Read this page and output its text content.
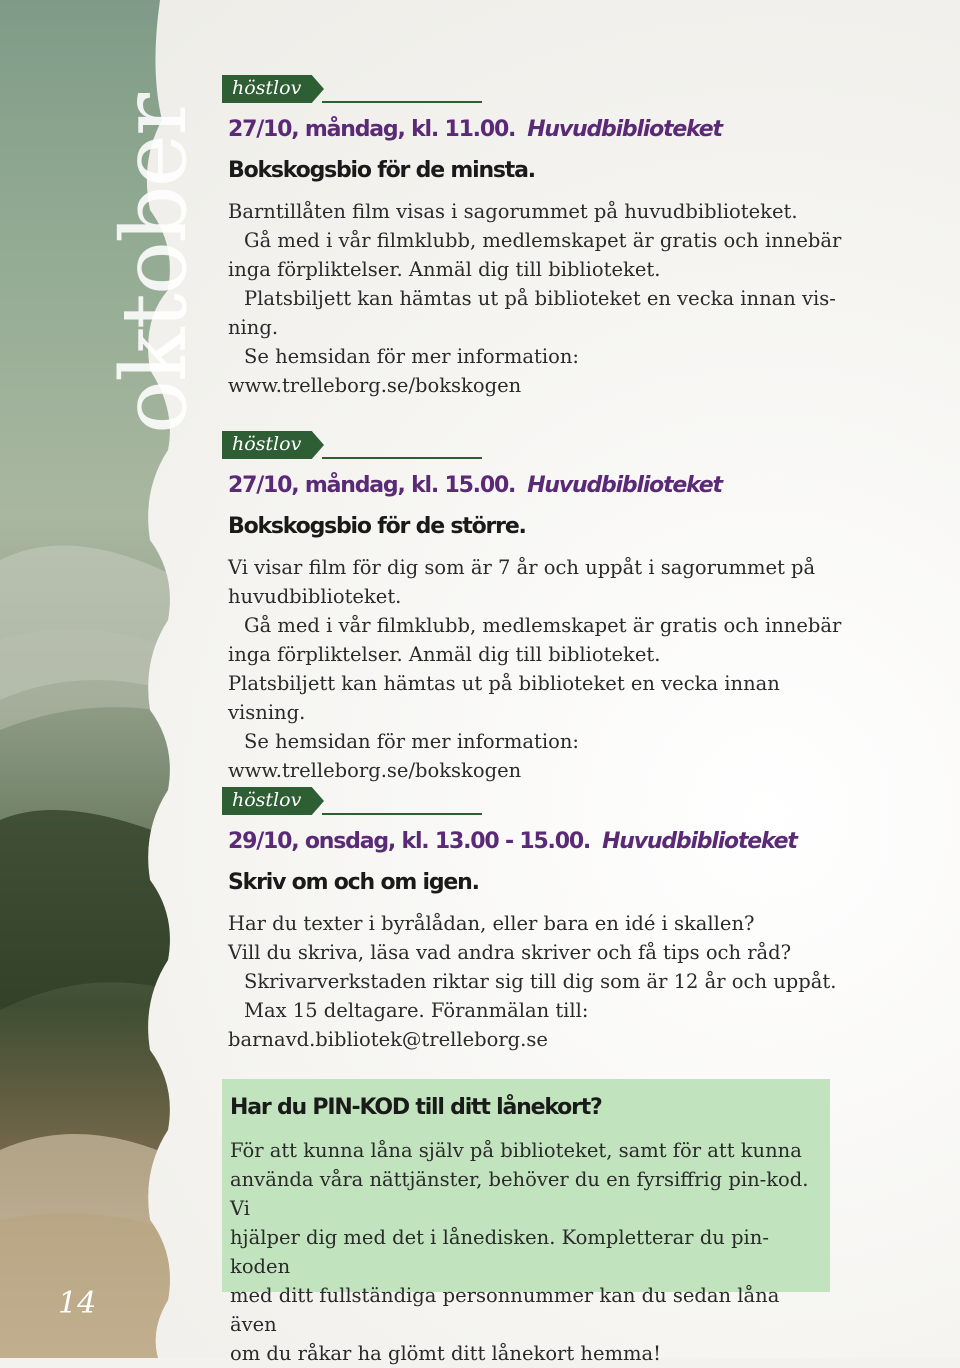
oktober
14
höstlov
27/10, måndag, kl. 11.00. Huvudbiblioteket
Bokskogsbio för de minsta.
Barntillåten film visas i sagorummet på huvudbiblioteket.
Gå med i vår filmklubb, medlemskapet är gratis och innebär
inga förpliktelser. Anmäl dig till biblioteket.
Platsbiljett kan hämtas ut på biblioteket en vecka innan vis-
ning.
Se hemsidan för mer information:
www.trelleborg.se/bokskogen
höstlov
27/10, måndag, kl. 15.00. Huvudbiblioteket
Bokskogsbio för de större.
Vi visar film för dig som är 7 år och uppåt i sagorummet på
huvudbiblioteket.
Gå med i vår filmklubb, medlemskapet är gratis och innebär
inga förpliktelser. Anmäl dig till biblioteket.
Platsbiljett kan hämtas ut på biblioteket en vecka innan visning.
Se hemsidan för mer information:
www.trelleborg.se/bokskogen
höstlov
29/10, onsdag, kl. 13.00 - 15.00. Huvudbiblioteket
Skriv om och om igen.
Har du texter i byrålådan, eller bara en idé i skallen?
Vill du skriva, läsa vad andra skriver och få tips och råd?
Skrivarverkstaden riktar sig till dig som är 12 år och uppåt.
Max 15 deltagare. Föranmälan till:
barnavd.bibliotek@trelleborg.se
Har du PIN-KOD till ditt lånekort?
För att kunna låna själv på biblioteket, samt för att kunna
använda våra nättjänster, behöver du en fyrsiffrig pin-kod. Vi
hjälper dig med det i lånedisken. Kompletterar du pin-koden
med ditt fullständiga personnummer kan du sedan låna även
om du råkar ha glömt ditt lånekort hemma!
